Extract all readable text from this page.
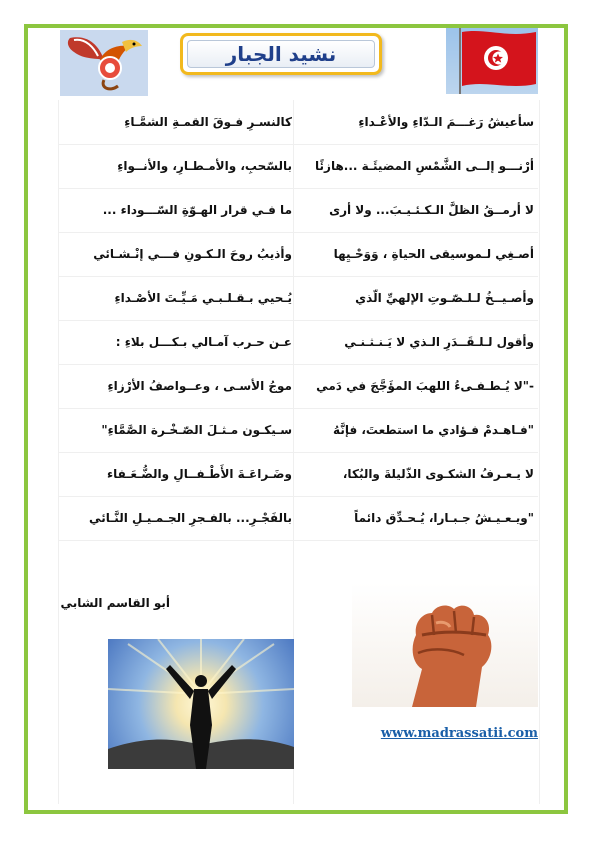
نشيد الجبار
سأعيشُ رَغـــمَ الـدّاءِ والأعْـداءِ
كالنسـرِ فـوقَ القمـةِ الشمَّـاءِ
أرْنـــو إلــى الشَّمْسِ المضيئَـة ...هازئًا
بالسّحبِ، والأمـطـارِ، والأنــواءِ
لا أرمــقُ الظلَّ الـكـئـيـبَ... ولا أرى
ما فـي قرار الهـوّةِ السّـــوداء ...
أصـغِي لـموسيقى الحياةِ ، وَوَحْـيِها
وأذيبُ روحَ الـكـونِ فـــي إنْـشـائي
وأصـيــخُ لـلـصّـوتِ الإلهيِّ الّذي
يُـحيي بـقـلـبـي مَـيِّـتَ الأصْـداءِ
وأقول لـلـقَــدَرِ الـذي لا يَـنـثـنـي
عـن حـرب آمـالي بـكـــل بلاءِ :
-"لا يُـطـفـىءُ اللهبَ المؤَجَّجَ في دَمي
موجُ الأسـى ، وعــواصفُ الأرْزاءِ
"فـاهـدمْ فـؤادي ما استطعتَ، فإنَّهُ
سـيكـون مـثـلَ الصّـخْـرة الصَّمَّاءِ"
لا يـعـرفُ الشكـوى الذّليلةَ والبُكا،
وضَـراعَـةَ الأَطْـفــالِ والضُّـعَـفاء
"ويـعـيـشُ جـبـارا، يُـحـدِّق دائماً
بالفَجْـرِ... بالفـجرِ الجـمـيـلِ النَّـائي
أبو القاسم الشابي
www.madrassatii.com
